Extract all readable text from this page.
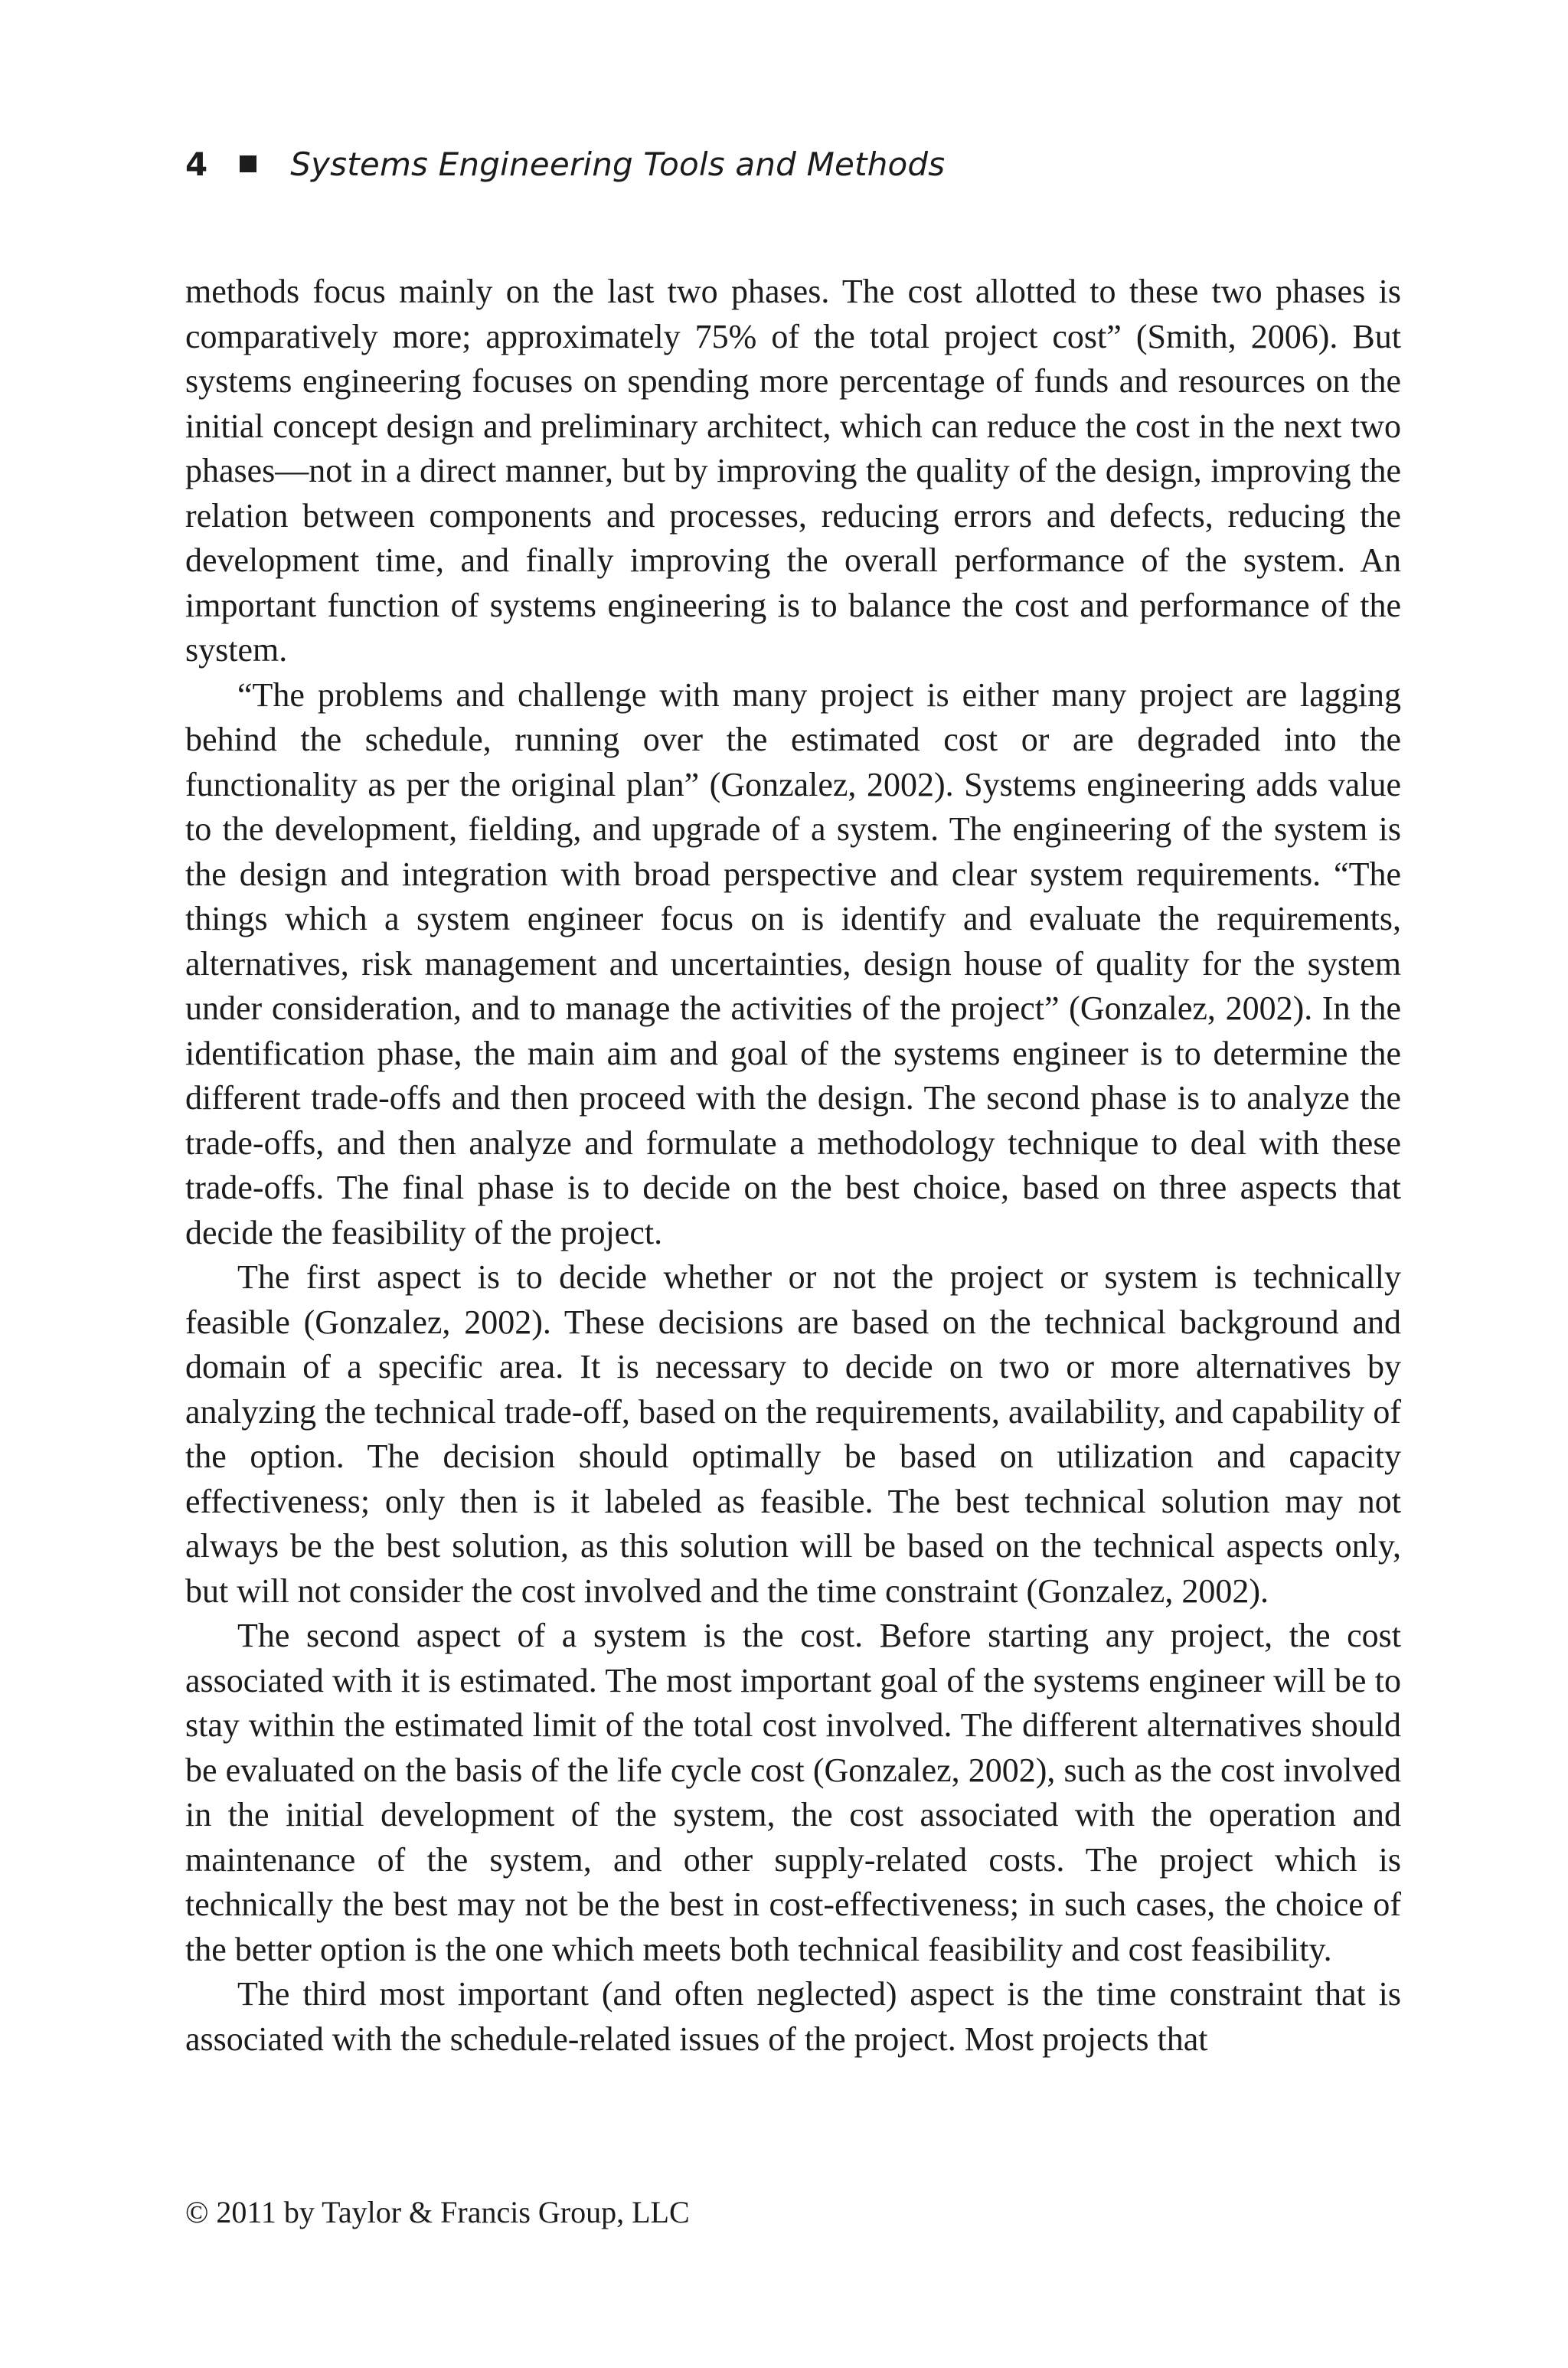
4	Systems Engineering Tools and Methods

methods focus mainly on the last two phases. The cost allotted to these two phases is comparatively more; approximately 75% of the total project cost” (Smith, 2006). But systems engineering focuses on spending more percentage of funds and resources on the initial concept design and preliminary architect, which can reduce the cost in the next two phases—not in a direct manner, but by improving the quality of the design, improving the relation between components and processes, reducing errors and defects, reducing the development time, and finally improving the overall performance of the system. An important function of systems engineering is to balance the cost and performance of the system.

“The problems and challenge with many project is either many project are lagging behind the schedule, running over the estimated cost or are degraded into the functionality as per the original plan” (Gonzalez, 2002). Systems engineering adds value to the development, fielding, and upgrade of a system. The engineering of the system is the design and integration with broad perspective and clear system requirements. “The things which a system engineer focus on is identify and evaluate the requirements, alternatives, risk management and uncertainties, design house of quality for the system under consideration, and to manage the activities of the project” (Gonzalez, 2002). In the identification phase, the main aim and goal of the systems engineer is to determine the different trade-offs and then proceed with the design. The second phase is to analyze the trade-offs, and then analyze and formulate a methodology technique to deal with these trade-offs. The final phase is to decide on the best choice, based on three aspects that decide the feasibility of the project.

The first aspect is to decide whether or not the project or system is technically feasible (Gonzalez, 2002). These decisions are based on the technical background and domain of a specific area. It is necessary to decide on two or more alternatives by analyzing the technical trade-off, based on the requirements, availability, and capability of the option. The decision should optimally be based on utilization and capacity effectiveness; only then is it labeled as feasible. The best technical solution may not always be the best solution, as this solution will be based on the technical aspects only, but will not consider the cost involved and the time constraint (Gonzalez, 2002).

The second aspect of a system is the cost. Before starting any project, the cost associated with it is estimated. The most important goal of the systems engineer will be to stay within the estimated limit of the total cost involved. The different alternatives should be evaluated on the basis of the life cycle cost (Gonzalez, 2002), such as the cost involved in the initial development of the system, the cost associated with the operation and maintenance of the system, and other supply-related costs. The project which is technically the best may not be the best in cost-effectiveness; in such cases, the choice of the better option is the one which meets both technical feasibility and cost feasibility.

The third most important (and often neglected) aspect is the time constraint that is associated with the schedule-related issues of the project. Most projects that

© 2011 by Taylor & Francis Group, LLC
